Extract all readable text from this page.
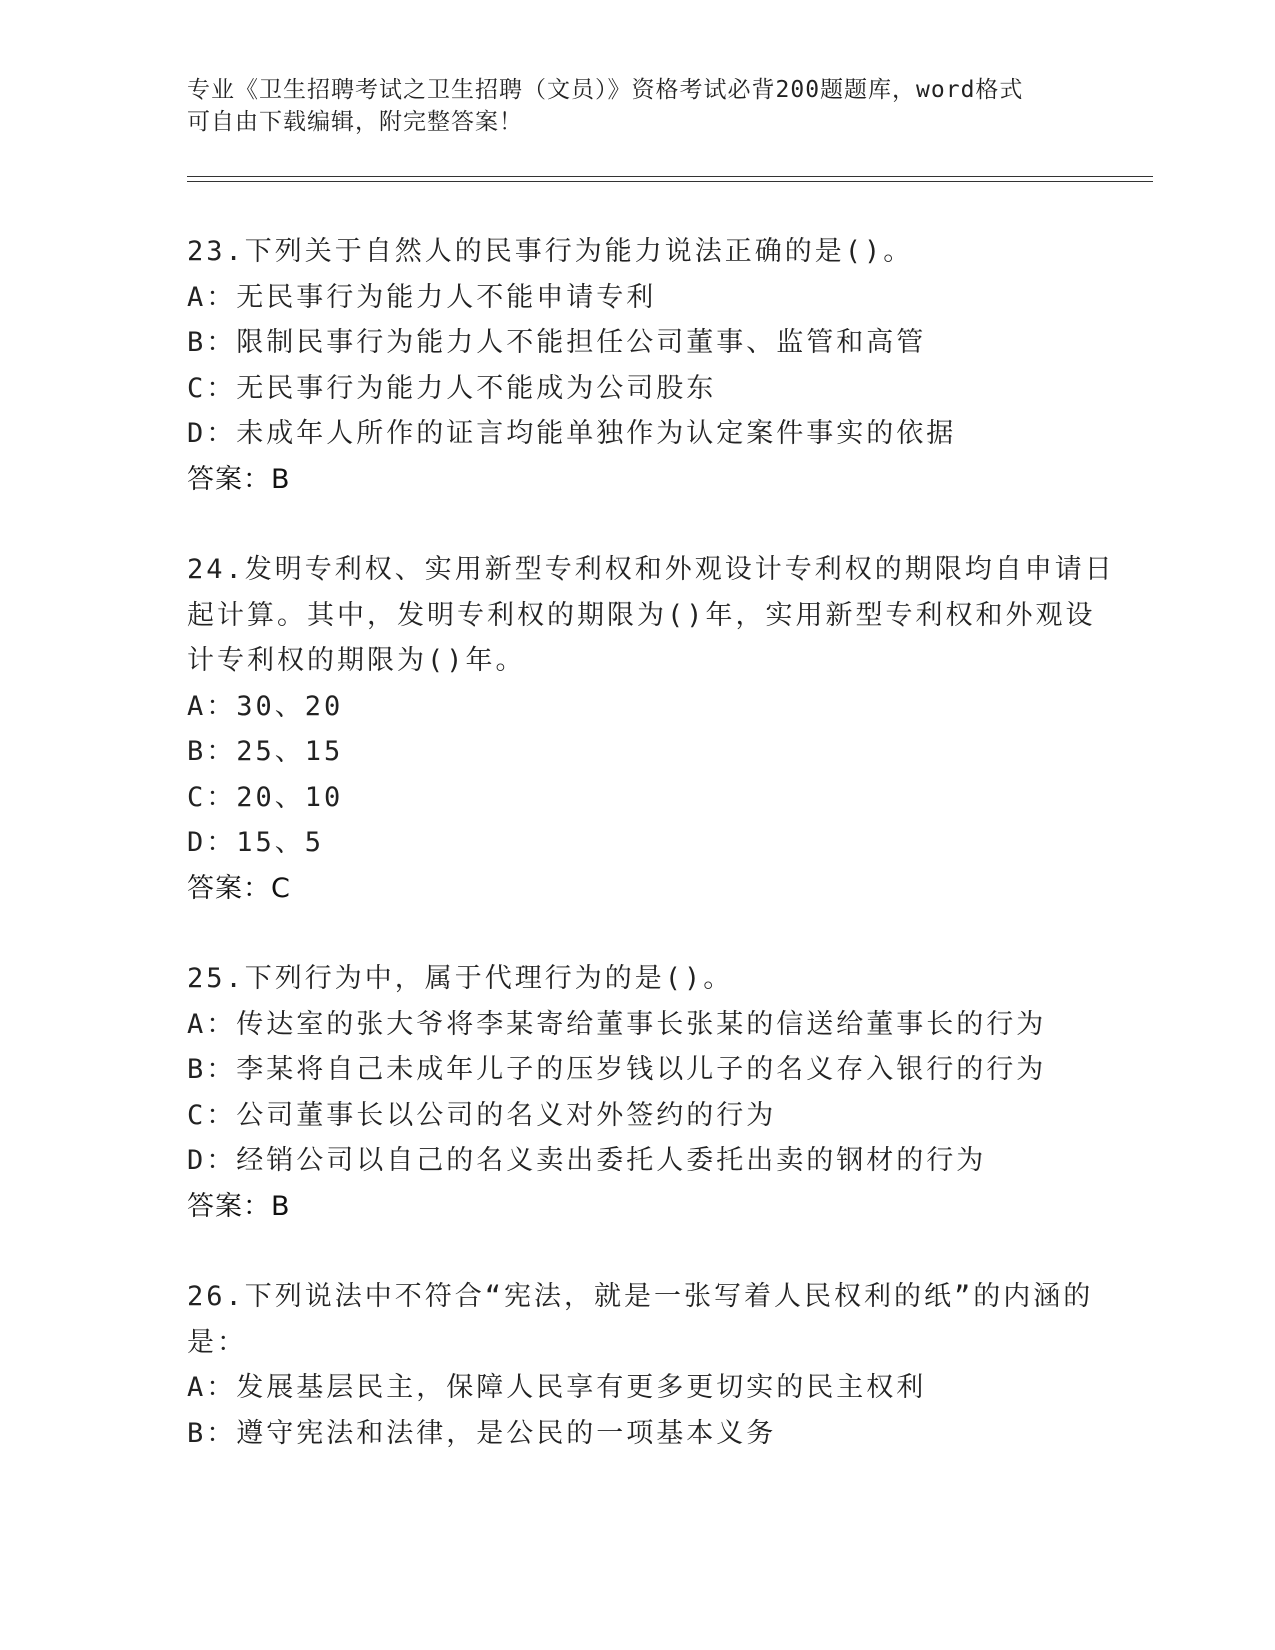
专业《卫生招聘考试之卫生招聘（文员）》资格考试必背200题题库，word格式
可自由下载编辑，附完整答案！
23.下列关于自然人的民事行为能力说法正确的是()。
A：无民事行为能力人不能申请专利
B：限制民事行为能力人不能担任公司董事、监管和高管
C：无民事行为能力人不能成为公司股东
D：未成年人所作的证言均能单独作为认定案件事实的依据
答案：B
24.发明专利权、实用新型专利权和外观设计专利权的期限均自申请日
起计算。其中，发明专利权的期限为()年，实用新型专利权和外观设
计专利权的期限为()年。
A：30、20
B：25、15
C：20、10
D：15、5
答案：C
25.下列行为中，属于代理行为的是()。
A：传达室的张大爷将李某寄给董事长张某的信送给董事长的行为
B：李某将自己未成年儿子的压岁钱以儿子的名义存入银行的行为
C：公司董事长以公司的名义对外签约的行为
D：经销公司以自己的名义卖出委托人委托出卖的钢材的行为
答案：B
26.下列说法中不符合“宪法，就是一张写着人民权利的纸”的内涵的
是：
A：发展基层民主，保障人民享有更多更切实的民主权利
B：遵守宪法和法律，是公民的一项基本义务
